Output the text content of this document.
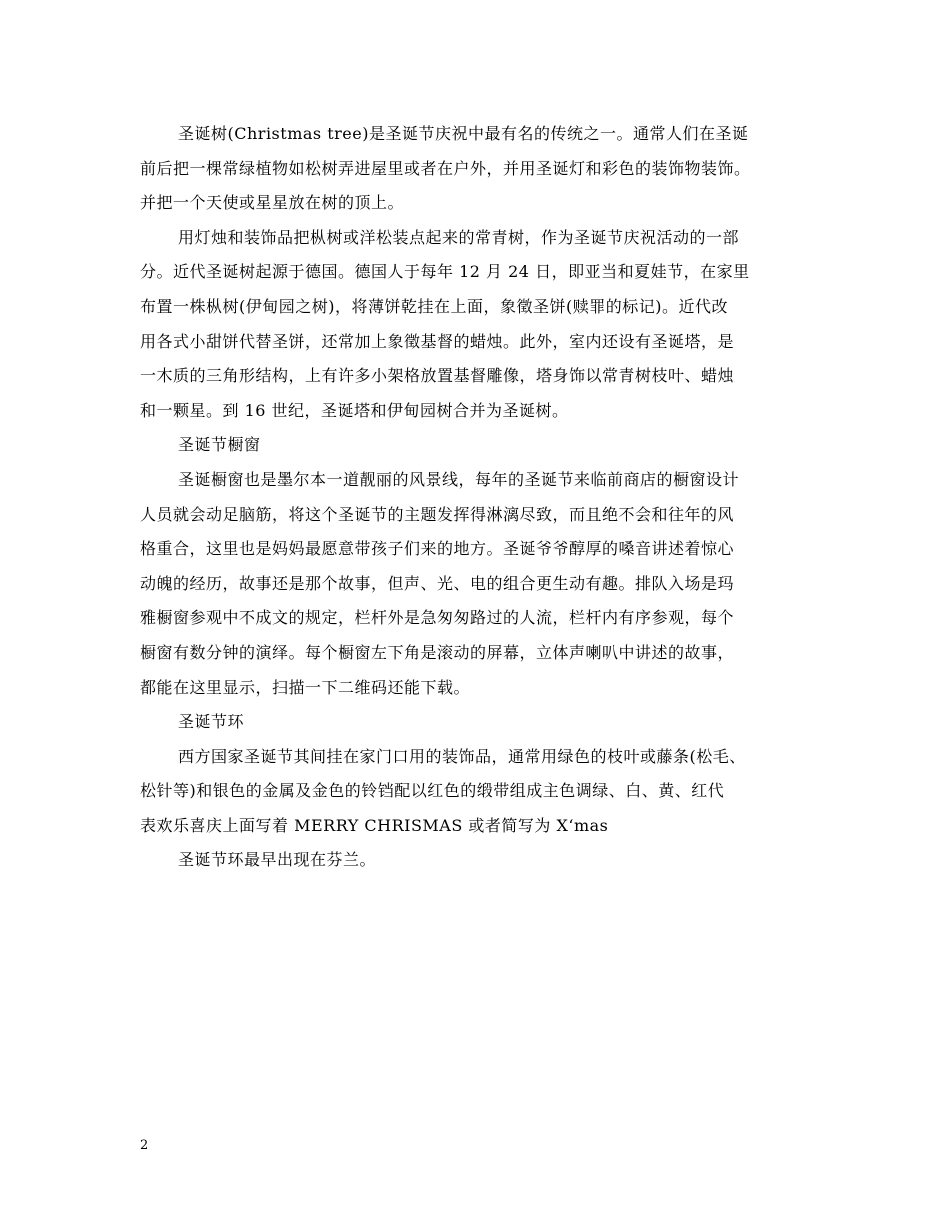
圣诞树(Christmas tree)是圣诞节庆祝中最有名的传统之一。通常人们在圣诞
前后把一棵常绿植物如松树弄进屋里或者在户外，并用圣诞灯和彩色的装饰物装饰。
并把一个天使或星星放在树的顶上。
用灯烛和装饰品把枞树或洋松装点起来的常青树，作为圣诞节庆祝活动的一部
分。近代圣诞树起源于德国。德国人于每年 12 月 24 日，即亚当和夏娃节，在家里
布置一株枞树(伊甸园之树)，将薄饼乾挂在上面，象徵圣饼(赎罪的标记)。近代改
用各式小甜饼代替圣饼，还常加上象徵基督的蜡烛。此外，室内还设有圣诞塔，是
一木质的三角形结构，上有许多小架格放置基督雕像，塔身饰以常青树枝叶、蜡烛
和一颗星。到 16 世纪，圣诞塔和伊甸园树合并为圣诞树。
圣诞节橱窗
圣诞橱窗也是墨尔本一道靓丽的风景线，每年的圣诞节来临前商店的橱窗设计
人员就会动足脑筋，将这个圣诞节的主题发挥得淋漓尽致，而且绝不会和往年的风
格重合，这里也是妈妈最愿意带孩子们来的地方。圣诞爷爷醇厚的嗓音讲述着惊心
动魄的经历，故事还是那个故事，但声、光、电的组合更生动有趣。排队入场是玛
雅橱窗参观中不成文的规定，栏杆外是急匆匆路过的人流，栏杆内有序参观，每个
橱窗有数分钟的演绎。每个橱窗左下角是滚动的屏幕，立体声喇叭中讲述的故事，
都能在这里显示，扫描一下二维码还能下载。
圣诞节环
西方国家圣诞节其间挂在家门口用的装饰品，通常用绿色的枝叶或藤条(松毛、
松针等)和银色的金属及金色的铃铛配以红色的缎带组成主色调绿、白、黄、红代
表欢乐喜庆上面写着 MERRY CHRISMAS 或者简写为 X‘mas
圣诞节环最早出现在芬兰。
2
